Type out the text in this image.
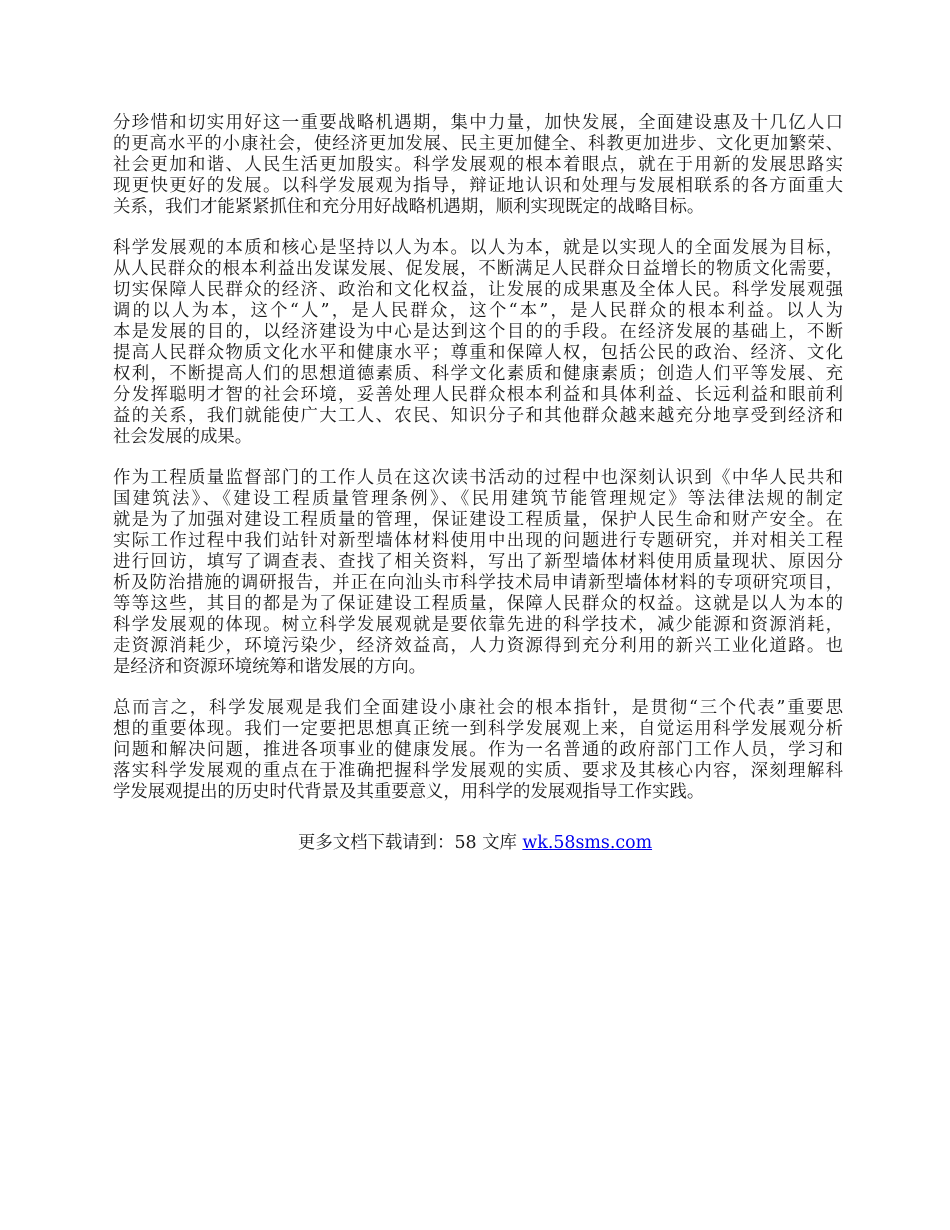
分珍惜和切实用好这一重要战略机遇期，集中力量，加快发展，全面建设惠及十几亿人口
的更高水平的小康社会，使经济更加发展、民主更加健全、科教更加进步、文化更加繁荣、
社会更加和谐、人民生活更加殷实。科学发展观的根本着眼点，就在于用新的发展思路实
现更快更好的发展。以科学发展观为指导，辩证地认识和处理与发展相联系的各方面重大
关系，我们才能紧紧抓住和充分用好战略机遇期，顺利实现既定的战略目标。

科学发展观的本质和核心是坚持以人为本。以人为本，就是以实现人的全面发展为目标，
从人民群众的根本利益出发谋发展、促发展，不断满足人民群众日益增长的物质文化需要，
切实保障人民群众的经济、政治和文化权益，让发展的成果惠及全体人民。科学发展观强
调的以人为本，这个“人”，是人民群众，这个“本”，是人民群众的根本利益。以人为
本是发展的目的，以经济建设为中心是达到这个目的的手段。在经济发展的基础上，不断
提高人民群众物质文化水平和健康水平；尊重和保障人权，包括公民的政治、经济、文化
权利，不断提高人们的思想道德素质、科学文化素质和健康素质；创造人们平等发展、充
分发挥聪明才智的社会环境，妥善处理人民群众根本利益和具体利益、长远利益和眼前利
益的关系，我们就能使广大工人、农民、知识分子和其他群众越来越充分地享受到经济和
社会发展的成果。

作为工程质量监督部门的工作人员在这次读书活动的过程中也深刻认识到《中华人民共和
国建筑法》、《建设工程质量管理条例》、《民用建筑节能管理规定》等法律法规的制定
就是为了加强对建设工程质量的管理，保证建设工程质量，保护人民生命和财产安全。在
实际工作过程中我们站针对新型墙体材料使用中出现的问题进行专题研究，并对相关工程
进行回访，填写了调查表、查找了相关资料，写出了新型墙体材料使用质量现状、原因分
析及防治措施的调研报告，并正在向汕头市科学技术局申请新型墙体材料的专项研究项目，
等等这些，其目的都是为了保证建设工程质量，保障人民群众的权益。这就是以人为本的
科学发展观的体现。树立科学发展观就是要依靠先进的科学技术，减少能源和资源消耗，
走资源消耗少，环境污染少，经济效益高，人力资源得到充分利用的新兴工业化道路。也
是经济和资源环境统筹和谐发展的方向。

总而言之，科学发展观是我们全面建设小康社会的根本指针，是贯彻“三个代表”重要思
想的重要体现。我们一定要把思想真正统一到科学发展观上来，自觉运用科学发展观分析
问题和解决问题，推进各项事业的健康发展。作为一名普通的政府部门工作人员，学习和
落实科学发展观的重点在于准确把握科学发展观的实质、要求及其核心内容，深刻理解科
学发展观提出的历史时代背景及其重要意义，用科学的发展观指导工作实践。

更多文档下载请到：58 文库 wk.58sms.com
